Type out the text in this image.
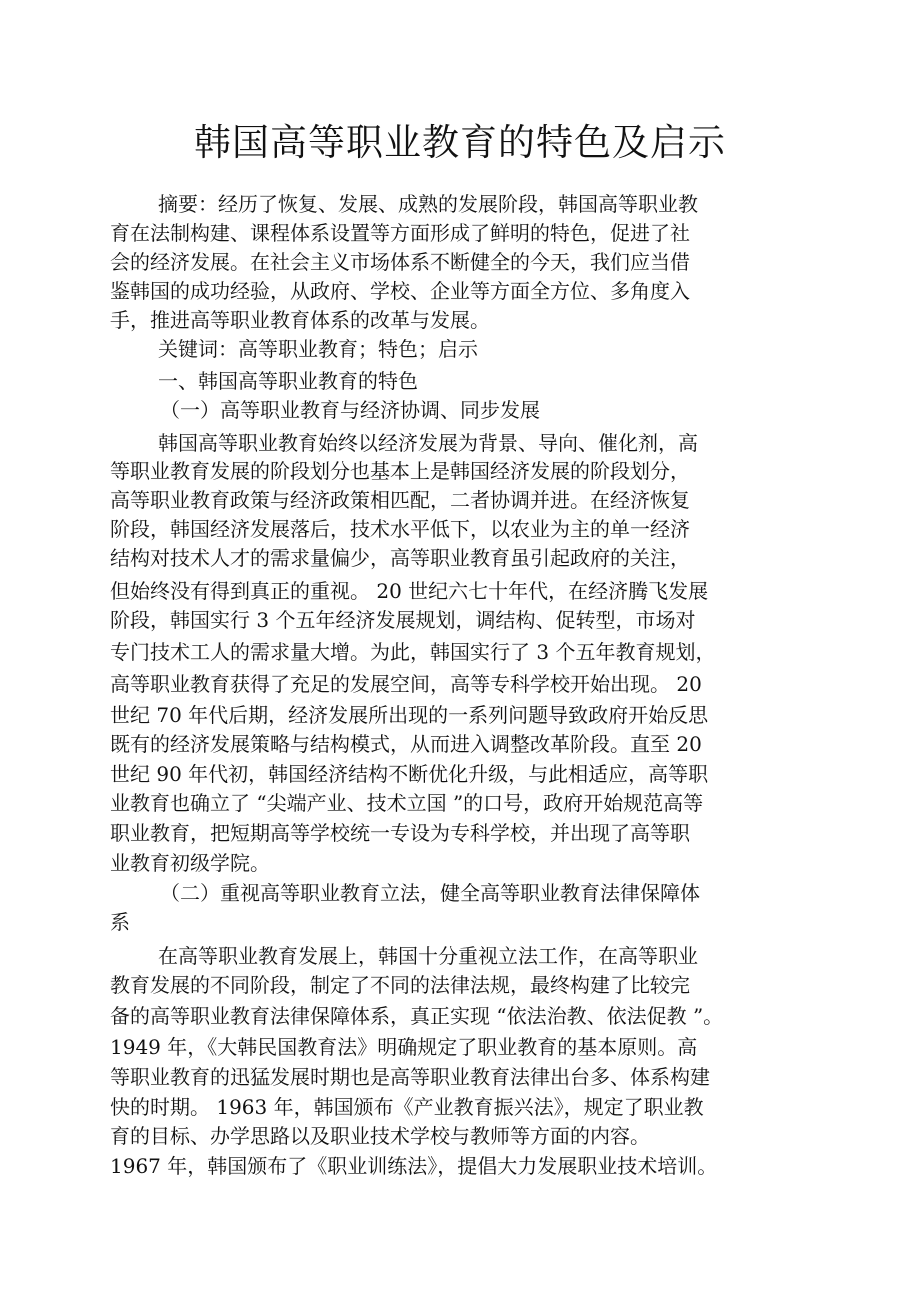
韩国高等职业教育的特色及启示
摘要：经历了恢复、发展、成熟的发展阶段，韩国高等职业教
育在法制构建、课程体系设置等方面形成了鲜明的特色，促进了社
会的经济发展。在社会主义市场体系不断健全的今天，我们应当借
鉴韩国的成功经验，从政府、学校、企业等方面全方位、多角度入
手，推进高等职业教育体系的改革与发展。
关键词：高等职业教育；特色；启示
一、韩国高等职业教育的特色
（一）高等职业教育与经济协调、同步发展
韩国高等职业教育始终以经济发展为背景、导向、催化剂，高
等职业教育发展的阶段划分也基本上是韩国经济发展的阶段划分，
高等职业教育政策与经济政策相匹配，二者协调并进。在经济恢复
阶段，韩国经济发展落后，技术水平低下，以农业为主的单一经济
结构对技术人才的需求量偏少，高等职业教育虽引起政府的关注，
但始终没有得到真正的重视。 20 世纪六七十年代，在经济腾飞发展
阶段，韩国实行 3 个五年经济发展规划，调结构、促转型，市场对
专门技术工人的需求量大增。为此，韩国实行了 3 个五年教育规划，
高等职业教育获得了充足的发展空间，高等专科学校开始出现。 20
世纪 70 年代后期，经济发展所出现的一系列问题导致政府开始反思
既有的经济发展策略与结构模式，从而进入调整改革阶段。直至 20
世纪 90 年代初，韩国经济结构不断优化升级，与此相适应，高等职
业教育也确立了 “尖端产业、技术立国 ”的口号，政府开始规范高等
职业教育，把短期高等学校统一专设为专科学校，并出现了高等职
业教育初级学院。
（二）重视高等职业教育立法，健全高等职业教育法律保障体
系
在高等职业教育发展上，韩国十分重视立法工作，在高等职业
教育发展的不同阶段，制定了不同的法律法规，最终构建了比较完
备的高等职业教育法律保障体系，真正实现 “依法治教、依法促教 ”。
1949 年，《大韩民国教育法》明确规定了职业教育的基本原则。高
等职业教育的迅猛发展时期也是高等职业教育法律出台多、体系构建
快的时期。 1963 年，韩国颁布《产业教育振兴法》，规定了职业教
育的目标、办学思路以及职业技术学校与教师等方面的内容。
1967 年，韩国颁布了《职业训练法》，提倡大力发展职业技术培训。
